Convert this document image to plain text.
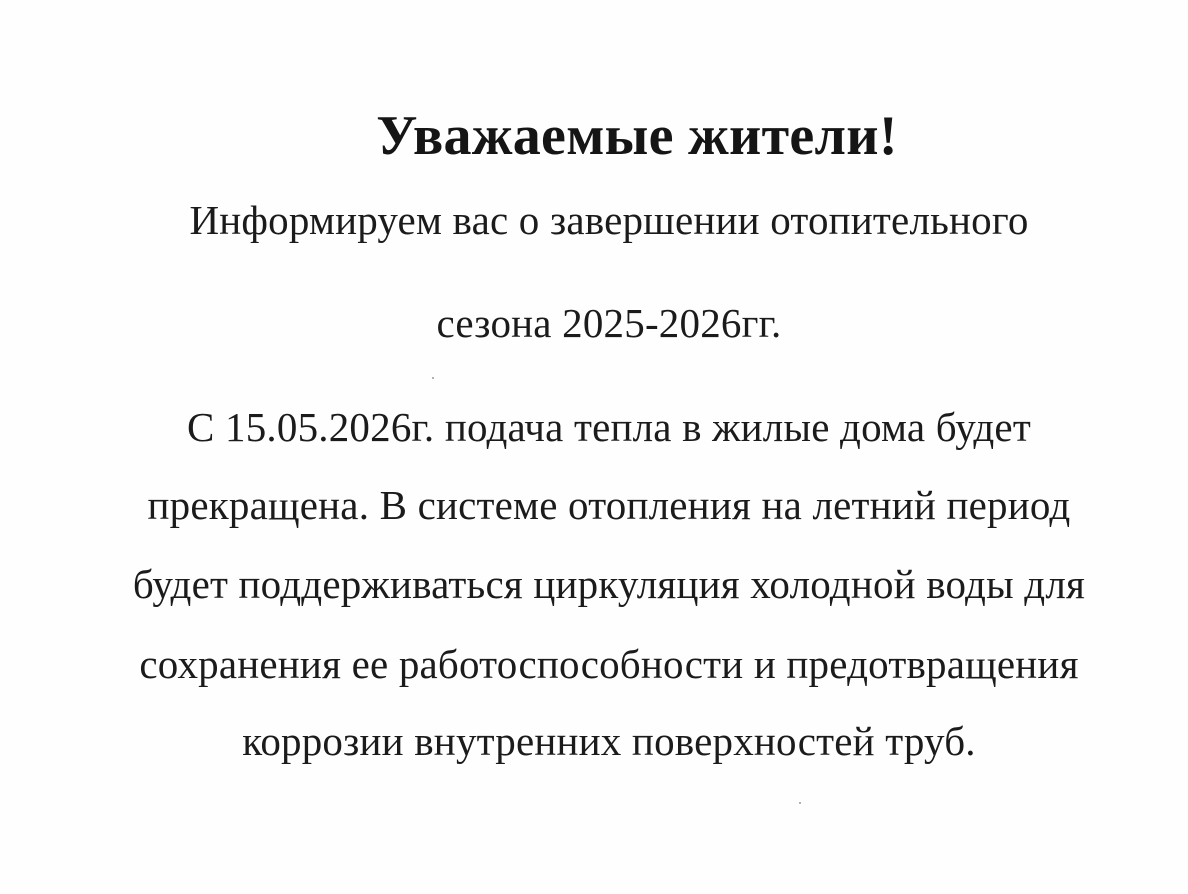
Уважаемые жители!
Информируем вас о завершении отопительного
сезона 2025-2026гг.
С 15.05.2026г. подача тепла в жилые дома будет
прекращена. В системе отопления на летний период
будет поддерживаться циркуляция холодной воды для
сохранения ее работоспособности и предотвращения
коррозии внутренних поверхностей труб.
